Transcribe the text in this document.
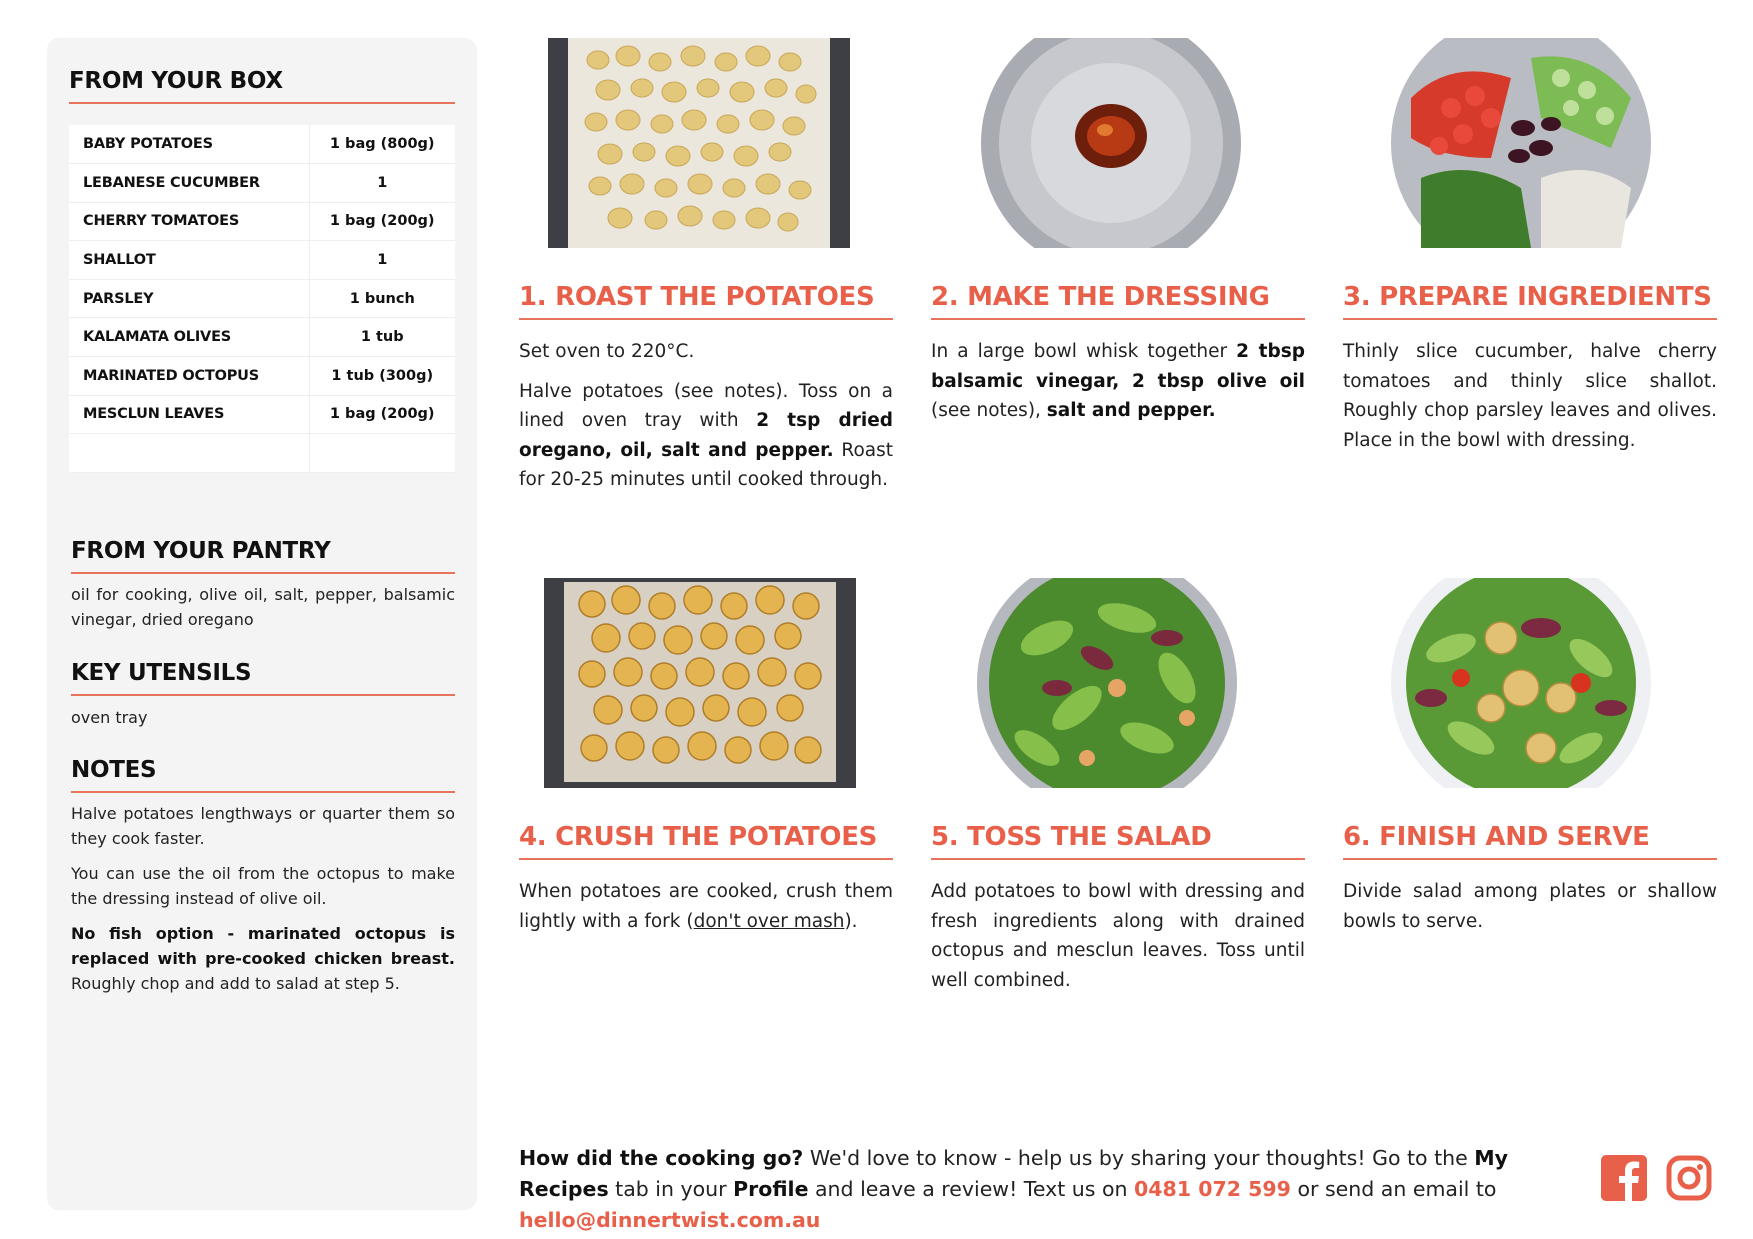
FROM YOUR BOX
BABY POTATOES	1 bag (800g)
LEBANESE CUCUMBER	1
CHERRY TOMATOES	1 bag (200g)
SHALLOT	1
PARSLEY	1 bunch
KALAMATA OLIVES	1 tub
MARINATED OCTOPUS	1 tub (300g)
MESCLUN LEAVES	1 bag (200g)

FROM YOUR PANTRY
oil for cooking, olive oil, salt, pepper, balsamic vinegar, dried oregano
KEY UTENSILS
oven tray
NOTES

Halve potatoes lengthways or quarter them so they cook faster.

You can use the oil from the octopus to make the dressing instead of olive oil.

No fish option - marinated octopus is replaced with pre-cooked chicken breast. Roughly chop and add to salad at step 5.

1. ROAST THE POTATOES

Set oven to 220°C.

Halve potatoes (see notes). Toss on a lined oven tray with 2 tsp dried oregano, oil, salt and pepper. Roast for 20-25 minutes until cooked through.

2. MAKE THE DRESSING

In a large bowl whisk together 2 tbsp balsamic vinegar, 2 tbsp olive oil (see notes), salt and pepper.

3. PREPARE INGREDIENTS

Thinly slice cucumber, halve cherry tomatoes and thinly slice shallot. Roughly chop parsley leaves and olives. Place in the bowl with dressing.

4. CRUSH THE POTATOES

When potatoes are cooked, crush them lightly with a fork (don't over mash).

5. TOSS THE SALAD

Add potatoes to bowl with dressing and fresh ingredients along with drained octopus and mesclun leaves. Toss until well combined.

6. FINISH AND SERVE

Divide salad among plates or shallow bowls to serve.

How did the cooking go? We'd love to know - help us by sharing your thoughts! Go to the My Recipes tab in your Profile and leave a review! Text us on 0481 072 599 or send an email to hello@dinnertwist.com.au
